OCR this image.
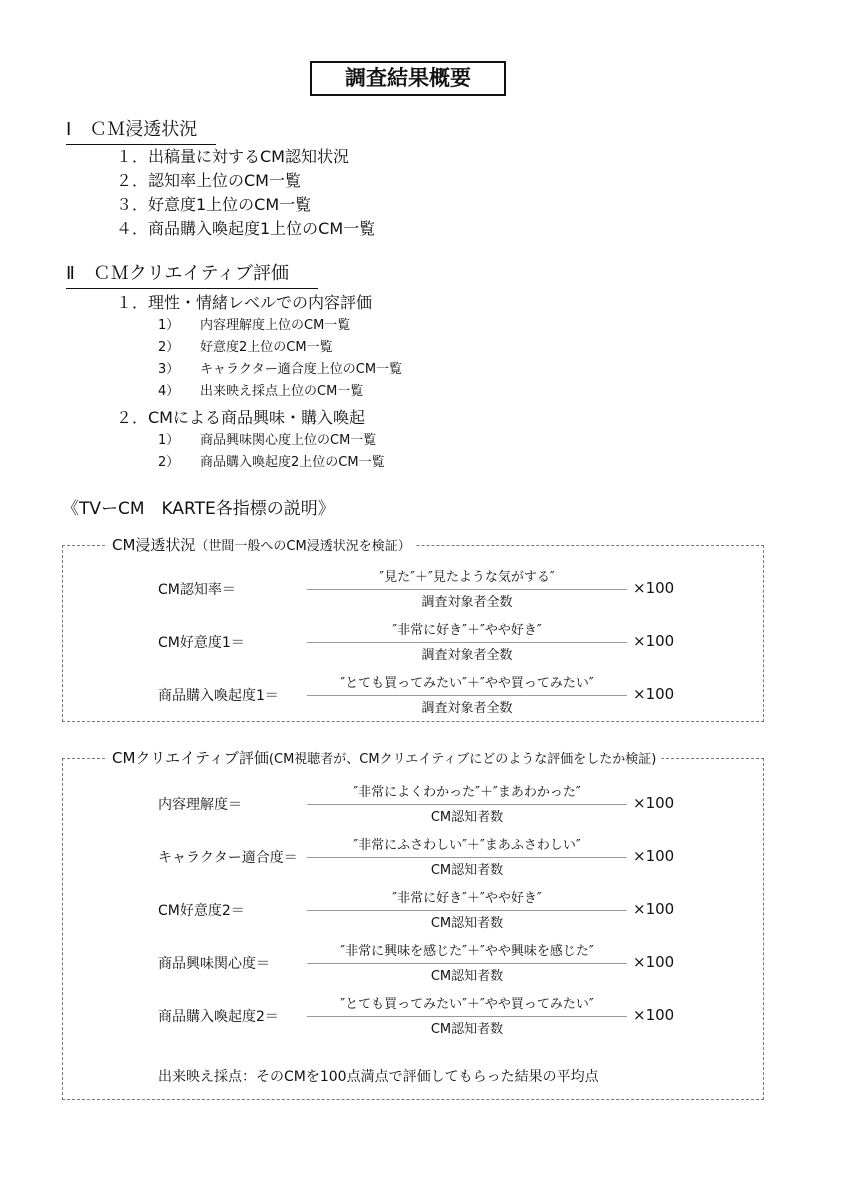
調査結果概要
Ⅰ　ＣＭ浸透状況
１．出稿量に対するCM認知状況
２．認知率上位のCM一覧
３．好意度1上位のCM一覧
４．商品購入喚起度1上位のCM一覧
Ⅱ　ＣＭクリエイティブ評価
１．理性・情緒レベルでの内容評価
1） 内容理解度上位のCM一覧
2） 好意度2上位のCM一覧
3） キャラクター適合度上位のCM一覧
4） 出来映え採点上位のCM一覧
２．CMによる商品興味・購入喚起
1） 商品興味関心度上位のCM一覧
2） 商品購入喚起度2上位のCM一覧
《TVーCM　KARTE各指標の説明》
CM浸透状況（世間一般へのCM浸透状況を検証）
CM認知率＝
″見た″＋″見たような気がする″
調査対象者全数
×100
CM好意度1＝
″非常に好き″＋″やや好き″
調査対象者全数
×100
商品購入喚起度1＝
″とても買ってみたい″＋″やや買ってみたい″
調査対象者全数
×100
CMクリエイティブ評価(CM視聴者が、CMクリエイティブにどのような評価をしたか検証)
内容理解度＝
″非常によくわかった″＋″まあわかった″
CM認知者数
×100
キャラクター適合度＝
″非常にふさわしい″＋″まあふさわしい″
CM認知者数
×100
CM好意度2＝
″非常に好き″＋″やや好き″
CM認知者数
×100
商品興味関心度＝
″非常に興味を感じた″＋″やや興味を感じた″
CM認知者数
×100
商品購入喚起度2＝
″とても買ってみたい″＋″やや買ってみたい″
CM認知者数
×100
出来映え採点：そのCMを100点満点で評価してもらった結果の平均点
